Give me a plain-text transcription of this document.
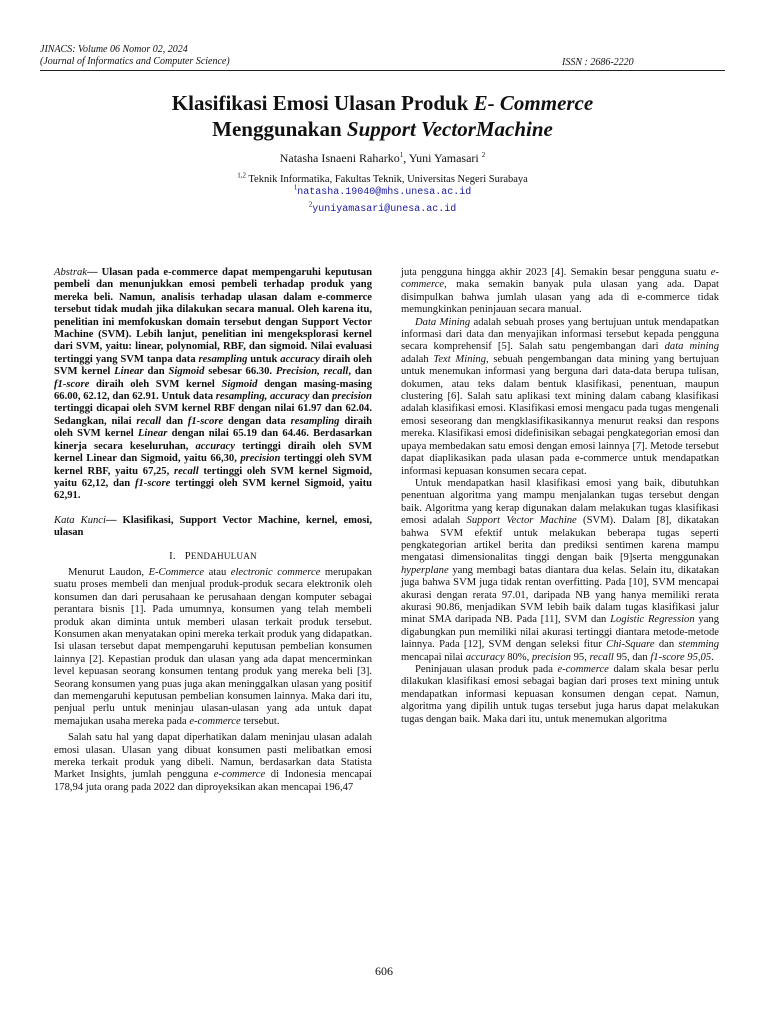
JINACS: Volume 06 Nomor 02, 2024
(Journal of Informatics and Computer Science)	ISSN : 2686-2220
Klasifikasi Emosi Ulasan Produk E- Commerce
Menggunakan Support VectorMachine
Natasha Isnaeni Raharko$^1$, Yuni Yamasari $^2$
$^{1,2}$ Teknik Informatika, Fakultas Teknik, Universitas Negeri Surabaya
$^1$natasha.19040@mhs.unesa.ac.id
$^2$yuniyamasari@unesa.ac.id

Abstrak— Ulasan pada e-commerce dapat mempengaruhi keputusan pembeli dan menunjukkan emosi pembeli terhadap produk yang mereka beli. Namun, analisis terhadap ulasan dalam e-commerce tersebut tidak mudah jika dilakukan secara manual. Oleh karena itu, penelitian ini memfokuskan domain tersebut dengan Support Vector Machine (SVM). Lebih lanjut, penelitian ini mengeksplorasi kernel dari SVM, yaitu: linear, polynomial, RBF, dan sigmoid. Nilai evaluasi tertinggi yang SVM tanpa data resampling untuk accuracy diraih oleh SVM kernel Linear dan Sigmoid sebesar 66.30. Precision, recall, dan f1-score diraih oleh SVM kernel Sigmoid dengan masing-masing 66.00, 62.12, dan 62.91. Untuk data resampling, accuracy dan precision tertinggi dicapai oleh SVM kernel RBF dengan nilai 61.97 dan 62.04. Sedangkan, nilai recall dan f1-score dengan data resampling diraih oleh SVM kernel Linear dengan nilai 65.19 dan 64.46. Berdasarkan kinerja secara keseluruhan, accuracy tertinggi diraih oleh SVM kernel Linear dan Sigmoid, yaitu 66,30, precision tertinggi oleh SVM kernel RBF, yaitu 67,25, recall tertinggi oleh SVM kernel Sigmoid, yaitu 62,12, dan f1-score tertinggi oleh SVM kernel Sigmoid, yaitu 62,91.

Kata Kunci— Klasifikasi, Support Vector Machine, kernel, emosi, ulasan

I. PENDAHULUAN

Menurut Laudon, E-Commerce atau electronic commerce merupakan suatu proses membeli dan menjual produk-produk secara elektronik oleh konsumen dan dari perusahaan ke perusahaan dengan komputer sebagai perantara bisnis [1]. Pada umumnya, konsumen yang telah membeli produk akan diminta untuk memberi ulasan terkait produk tersebut. Konsumen akan menyatakan opini mereka terkait produk yang didapatkan. Isi ulasan tersebut dapat mempengaruhi keputusan pembelian konsumen lainnya [2]. Kepastian produk dan ulasan yang ada dapat mencerminkan level kepuasan seorang konsumen tentang produk yang mereka beli [3]. Seorang konsumen yang puas juga akan meninggalkan ulasan yang positif dan memengaruhi keputusan pembelian konsumen lainnya. Maka dari itu, penjual perlu untuk meninjau ulasan-ulasan yang ada untuk dapat memajukan usaha mereka pada e-commerce tersebut.

Salah satu hal yang dapat diperhatikan dalam meninjau ulasan adalah emosi ulasan. Ulasan yang dibuat konsumen pasti melibatkan emosi mereka terkait produk yang dibeli. Namun, berdasarkan data Statista Market Insights, jumlah pengguna e-commerce di Indonesia mencapai 178,94 juta orang pada 2022 dan diproyeksikan akan mencapai 196,47

juta pengguna hingga akhir 2023 [4]. Semakin besar pengguna suatu e-commerce, maka semakin banyak pula ulasan yang ada. Dapat disimpulkan bahwa jumlah ulasan yang ada di e-commerce tidak memungkinkan peninjauan secara manual.

Data Mining adalah sebuah proses yang bertujuan untuk mendapatkan informasi dari data dan menyajikan informasi tersebut kepada pengguna secara komprehensif [5]. Salah satu pengembangan dari data mining adalah Text Mining, sebuah pengembangan data mining yang bertujuan untuk menemukan informasi yang berguna dari data-data berupa tulisan, dokumen, atau teks dalam bentuk klasifikasi, penentuan, maupun clustering [6]. Salah satu aplikasi text mining dalam cabang klasifikasi adalah klasifikasi emosi. Klasifikasi emosi mengacu pada tugas mengenali emosi seseorang dan mengklasifikasikannya menurut reaksi dan respons mereka. Klasifikasi emosi didefinisikan sebagai pengkategorian emosi dan upaya membedakan satu emosi dengan emosi lainnya [7]. Metode tersebut dapat diaplikasikan pada ulasan pada e-commerce untuk mendapatkan informasi kepuasan konsumen secara cepat.

Untuk mendapatkan hasil klasifikasi emosi yang baik, dibutuhkan penentuan algoritma yang mampu menjalankan tugas tersebut dengan baik. Algoritma yang kerap digunakan dalam melakukan tugas klasifikasi emosi adalah Support Vector Machine (SVM). Dalam [8], dikatakan bahwa SVM efektif untuk melakukan beberapa tugas seperti pengkategorian artikel berita dan prediksi sentimen karena mampu mengatasi dimensionalitas tinggi dengan baik [9]serta menggunakan hyperplane yang membagi batas diantara dua kelas. Selain itu, dikatakan juga bahwa SVM juga tidak rentan overfitting. Pada [10], SVM mencapai akurasi dengan rerata 97.01, daripada NB yang hanya memiliki rerata akurasi 90.86, menjadikan SVM lebih baik dalam tugas klasifikasi jalur minat SMA daripada NB. Pada [11], SVM dan Logistic Regression yang digabungkan pun memiliki nilai akurasi tertinggi diantara metode-metode lainnya. Pada [12], SVM dengan seleksi fitur Chi-Square dan stemming mencapai nilai accuracy 80%, precision 95, recall 95, dan f1-score 95,05.

Peninjauan ulasan produk pada e-commerce dalam skala besar perlu dilakukan klasifikasi emosi sebagai bagian dari proses text mining untuk mendapatkan informasi kepuasan konsumen dengan cepat. Namun, algoritma yang dipilih untuk tugas tersebut juga harus dapat melakukan tugas dengan baik. Maka dari itu, untuk menemukan algoritma

606
